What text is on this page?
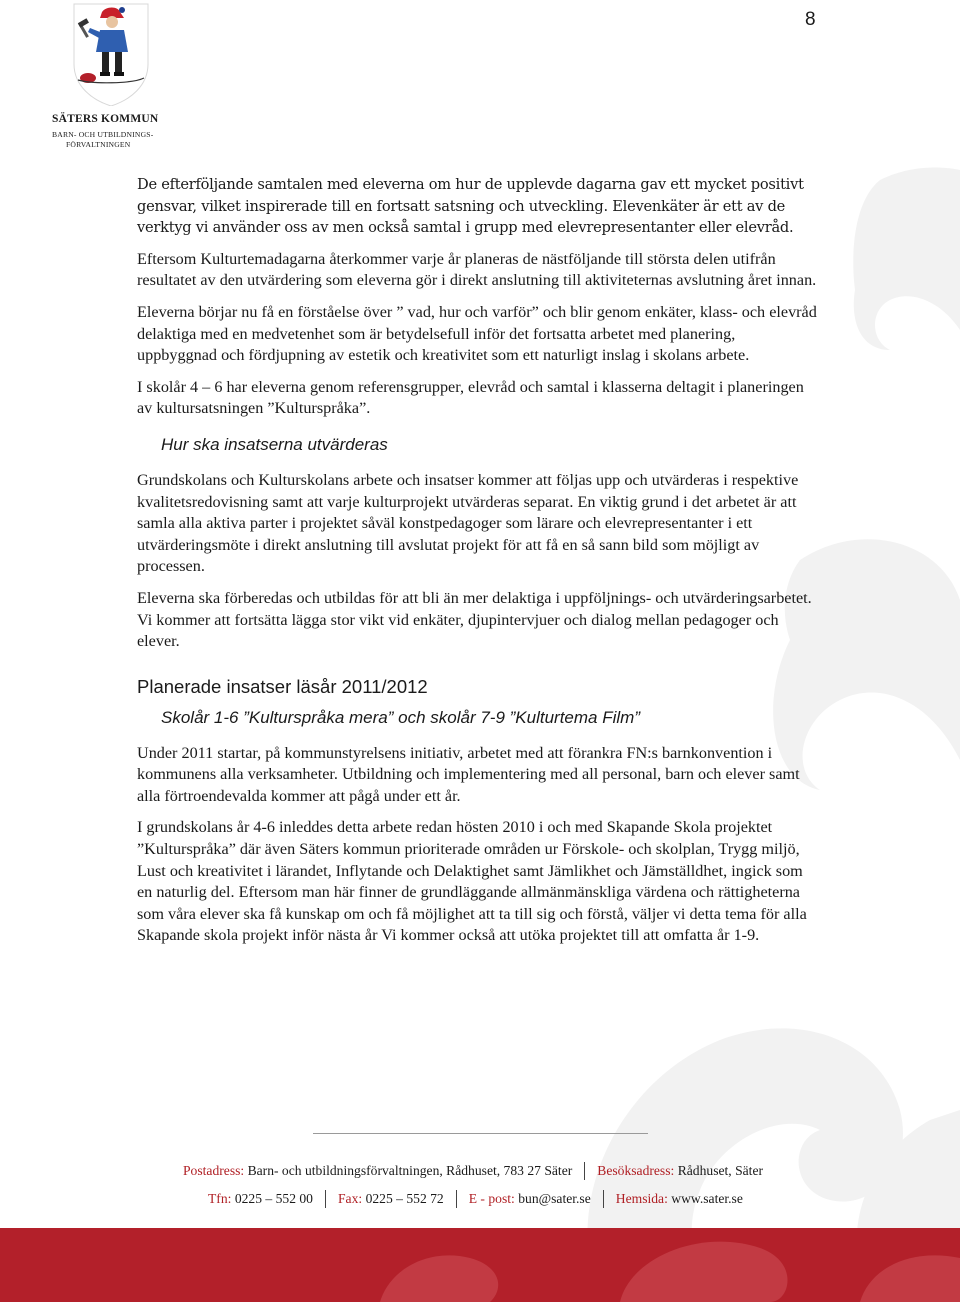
SÄTERS KOMMUN
BARN- OCH UTBILDNINGS-
FÖRVALTNINGEN
8

De efterföljande samtalen med eleverna om hur de upplevde dagarna gav ett mycket positivt gensvar, vilket inspirerade till en fortsatt satsning och utveckling. Elevenkäter är ett av de verktyg vi använder oss av men också samtal i grupp med elevrepresentanter eller elevråd.

Eftersom Kulturtemadagarna återkommer varje år planeras de nästföljande till största delen utifrån resultatet av den utvärdering som eleverna gör i direkt anslutning till aktiviteternas avslutning året innan.

Eleverna börjar nu få en förståelse över ” vad, hur och varför” och blir genom enkäter, klass- och elevråd delaktiga med en medvetenhet som är betydelsefull inför det fortsatta arbetet med planering, uppbyggnad och fördjupning av estetik och kreativitet som ett naturligt inslag i skolans arbete.

I skolår 4 – 6 har eleverna genom referensgrupper, elevråd och samtal i klasserna deltagit i planeringen av kultursatsningen ”Kulturspråka”.

Hur ska insatserna utvärderas

Grundskolans och Kulturskolans arbete och insatser kommer att följas upp och utvärderas i respektive kvalitetsredovisning samt att varje kulturprojekt utvärderas separat. En viktig grund i det arbetet är att samla alla aktiva parter i projektet såväl konstpedagoger som lärare och elevrepresentanter i ett utvärderingsmöte i direkt anslutning till avslutat projekt för att få en så sann bild som möjligt av processen.

Eleverna ska förberedas och utbildas för att bli än mer delaktiga i uppföljnings- och utvärderingsarbetet. Vi kommer att fortsätta lägga stor vikt vid enkäter, djupintervjuer och dialog mellan pedagoger och elever.

Planerade insatser läsår 2011/2012

Skolår 1-6 ”Kulturspråka mera” och skolår 7-9 ”Kulturtema Film”

Under 2011 startar, på kommunstyrelsens initiativ, arbetet med att förankra FN:s barnkonvention i kommunens alla verksamheter. Utbildning och implementering med all personal, barn och elever samt alla förtroendevalda kommer att pågå under ett år.

I grundskolans år 4-6 inleddes detta arbete redan hösten 2010 i och med Skapande Skola projektet ”Kulturspråka” där även Säters kommun prioriterade områden ur Förskole- och skolplan, Trygg miljö, Lust och kreativitet i lärandet, Inflytande och Delaktighet samt Jämlikhet och Jämställdhet, ingick som en naturlig del. Eftersom man här finner de grundläggande allmänmänskliga värdena och rättigheterna som våra elever ska få kunskap om och få möjlighet att ta till sig och förstå, väljer vi detta tema för alla Skapande skola projekt inför nästa år Vi kommer också att utöka projektet till att omfatta år 1-9.

Postadress:
Barn- och utbildningsförvaltningen, Rådhuset, 783 27 Säter Besöksadress:
Rådhuset, Säter
Tfn:
0225 – 552 00 Fax:
0225 – 552 72 E - post:
bun@sater.se Hemsida:
www.sater.se
